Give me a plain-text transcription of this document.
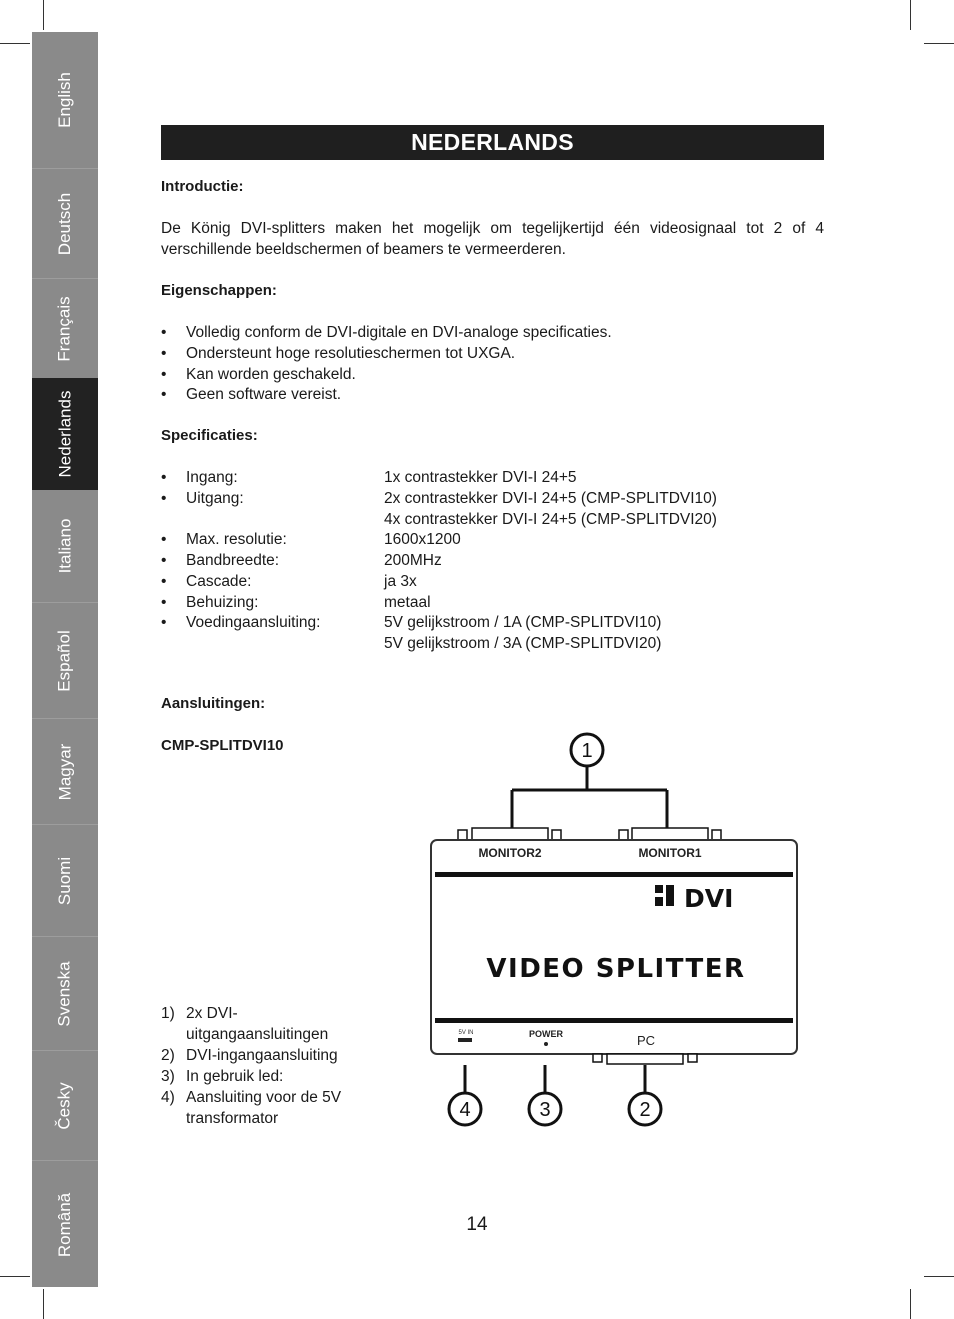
English
Deutsch
Français
Nederlands
Italiano
Español
Magyar
Suomi
Svenska
Česky
Română
NEDERLANDS
Introductie:
De König DVI-splitters maken het mogelijk om tegelijkertijd één videosignaal tot 2 of 4 verschillende beeldschermen of beamers te vermeerderen.
Eigenschappen:
• Volledig conform de DVI-digitale en DVI-analoge specificaties.
• Ondersteunt hoge resolutieschermen tot UXGA.
• Kan worden geschakeld.
• Geen software vereist.
Specificaties:
• Ingang:	1x contrastekker DVI-I 24+5
• Uitgang:	2x contrastekker DVI-I 24+5 (CMP-SPLITDVI10)
4x contrastekker DVI-I 24+5 (CMP-SPLITDVI20)
• Max. resolutie:	1600x1200
• Bandbreedte:	200MHz
• Cascade:	ja 3x
• Behuizing:	metaal
• Voedingaansluiting:	5V gelijkstroom / 1A (CMP-SPLITDVI10)
5V gelijkstroom / 3A (CMP-SPLITDVI20)
Aansluitingen:
CMP-SPLITDVI10
1) 2x DVI-uitgangaansluitingen
2) DVI-ingangaansluiting
3) In gebruik led:
4) Aansluiting voor de 5V transformator
1
MONITOR2	MONITOR1
DVI
VIDEO SPLITTER
5V IN	POWER	PC
4	3	2
14
